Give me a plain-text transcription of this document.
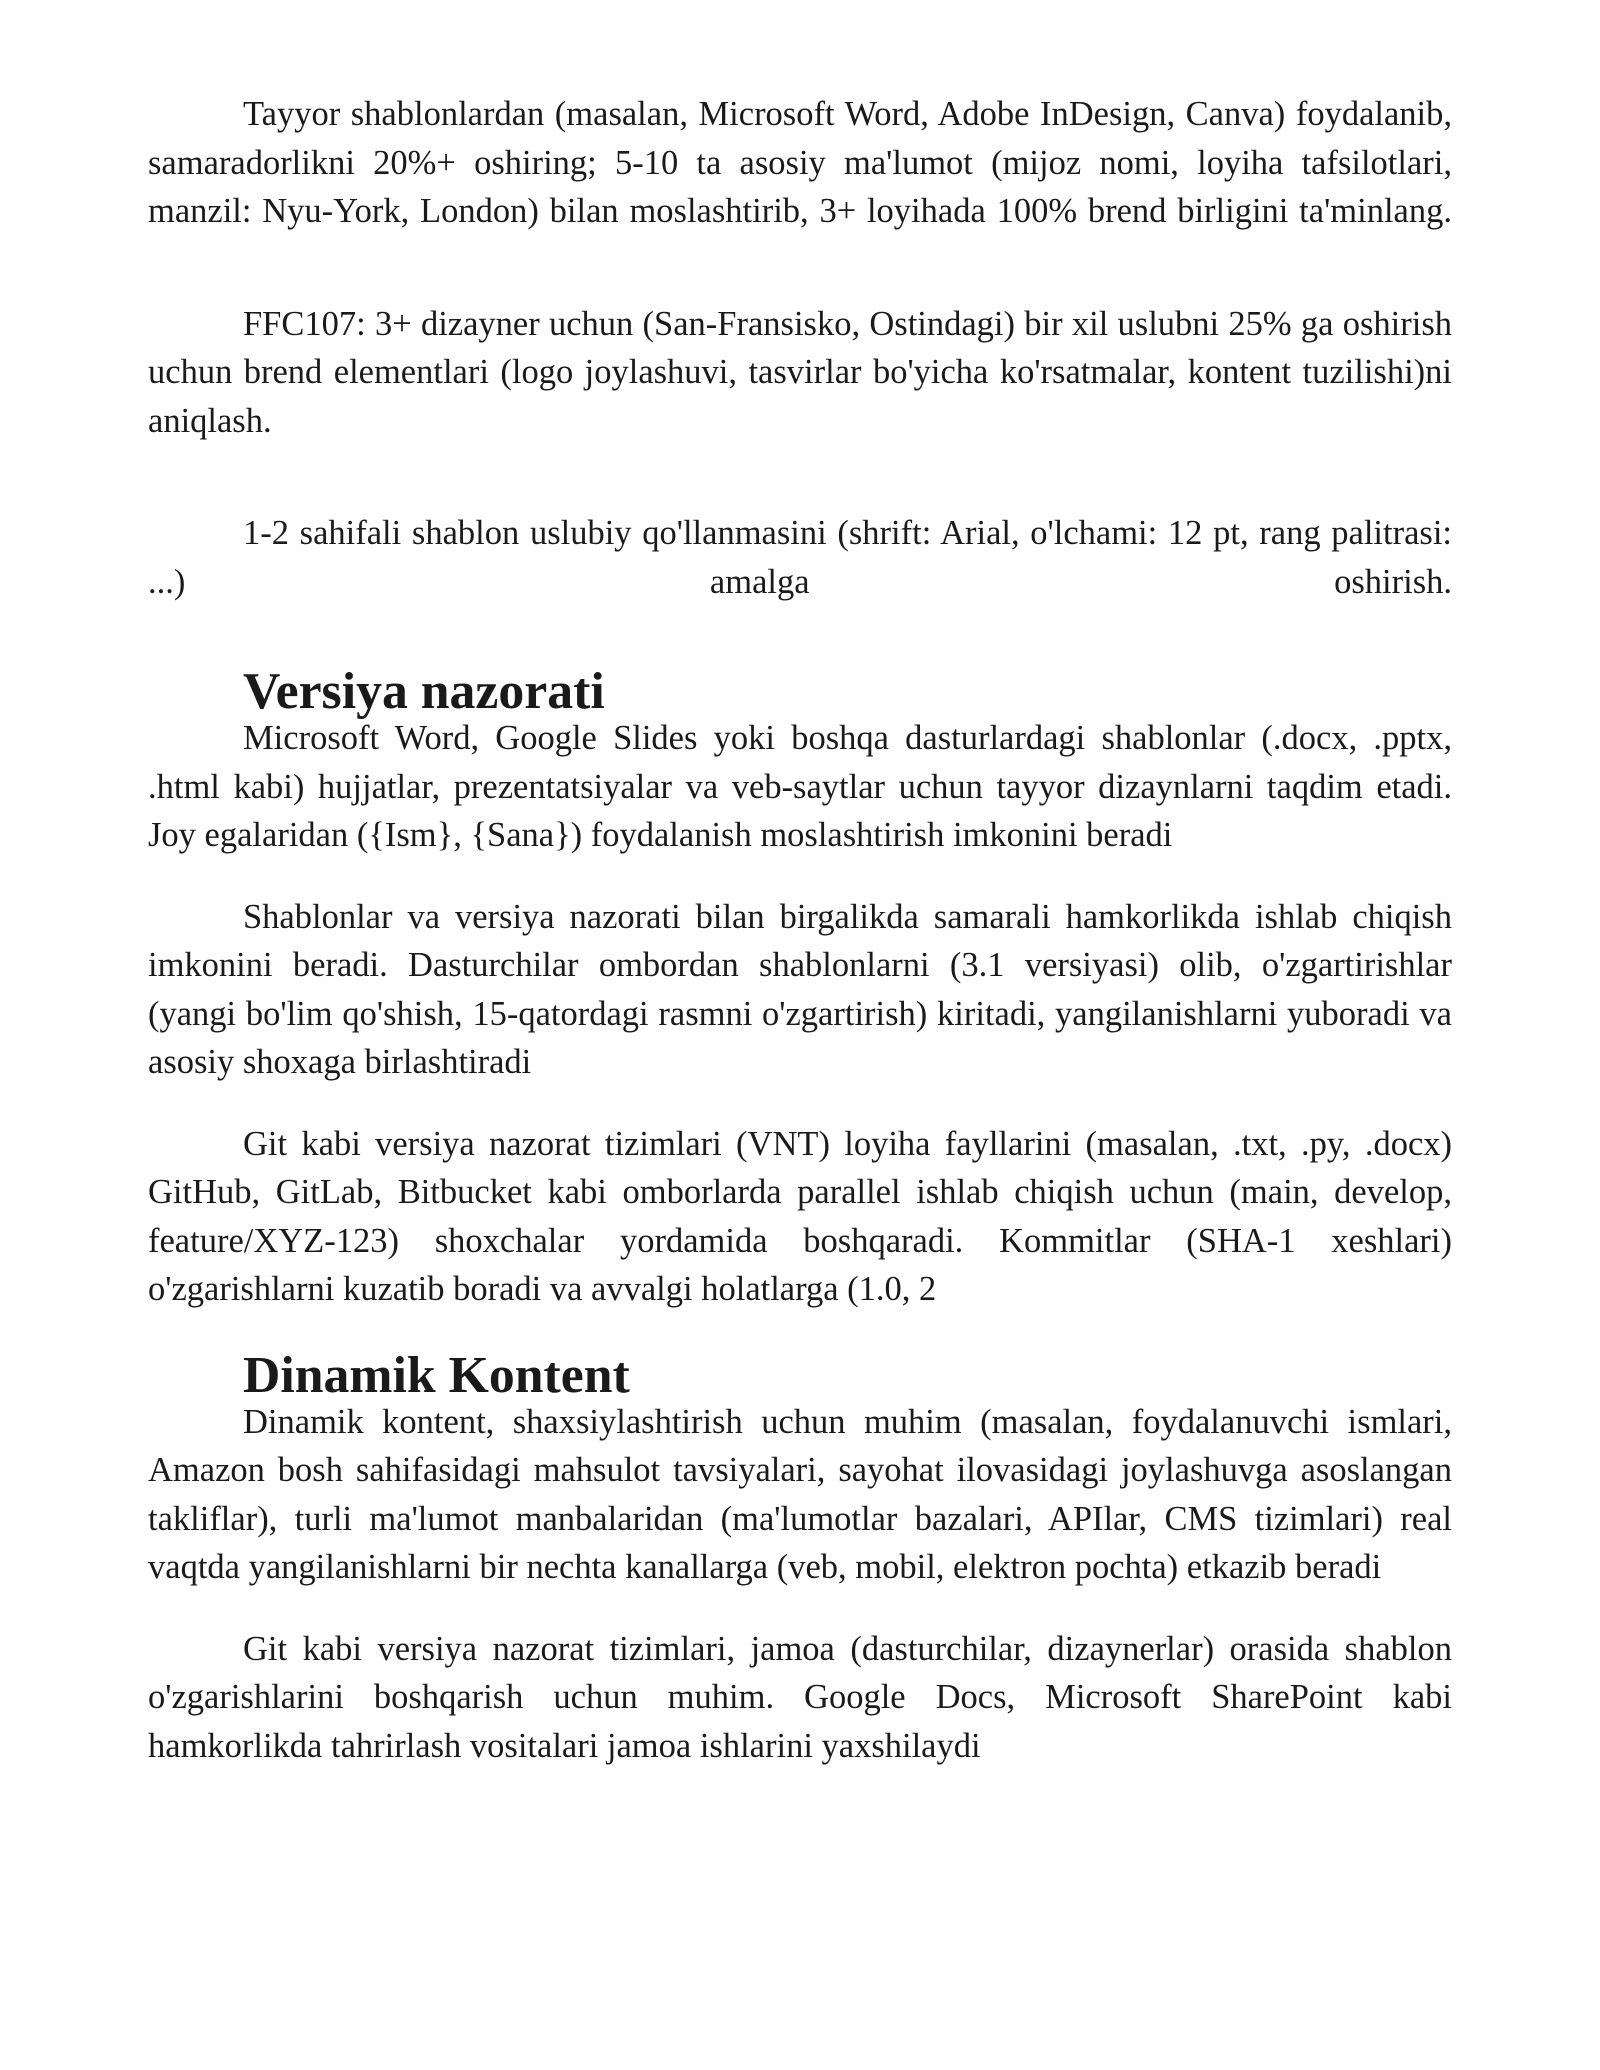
Tayyor shablonlardan (masalan, Microsoft Word, Adobe InDesign, Canva) foydalanib, samaradorlikni 20%+ oshiring; 5-10 ta asosiy ma'lumot (mijoz nomi, loyiha tafsilotlari, manzil: Nyu-York, London) bilan moslashtirib, 3+ loyihada 100% brend birligini ta'minlang.

FFC107: 3+ dizayner uchun (San-Fransisko, Ostindagi) bir xil uslubni 25% ga oshirish uchun brend elementlari (logo joylashuvi, tasvirlar bo'yicha ko'rsatmalar, kontent tuzilishi)ni aniqlash.

1-2 sahifali shablon uslubiy qo'llanmasini (shrift: Arial, o'lchami: 12 pt, rang palitrasi: ...) amalga oshirish.

Versiya nazorati

Microsoft Word, Google Slides yoki boshqa dasturlardagi shablonlar (.docx, .pptx, .html kabi) hujjatlar, prezentatsiyalar va veb-saytlar uchun tayyor dizaynlarni taqdim etadi. Joy egalaridan ({Ism}, {Sana}) foydalanish moslashtirish imkonini beradi

Shablonlar va versiya nazorati bilan birgalikda samarali hamkorlikda ishlab chiqish imkonini beradi. Dasturchilar ombordan shablonlarni (3.1 versiyasi) olib, o'zgartirishlar (yangi bo'lim qo'shish, 15-qatordagi rasmni o'zgartirish) kiritadi, yangilanishlarni yuboradi va asosiy shoxaga birlashtiradi

Git kabi versiya nazorat tizimlari (VNT) loyiha fayllarini (masalan, .txt, .py, .docx) GitHub, GitLab, Bitbucket kabi omborlarda parallel ishlab chiqish uchun (main, develop, feature/XYZ-123) shoxchalar yordamida boshqaradi. Kommitlar (SHA-1 xeshlari) o'zgarishlarni kuzatib boradi va avvalgi holatlarga (1.0, 2

Dinamik Kontent

Dinamik kontent, shaxsiylashtirish uchun muhim (masalan, foydalanuvchi ismlari, Amazon bosh sahifasidagi mahsulot tavsiyalari, sayohat ilovasidagi joylashuvga asoslangan takliflar), turli ma'lumot manbalaridan (ma'lumotlar bazalari, APIlar, CMS tizimlari) real vaqtda yangilanishlarni bir nechta kanallarga (veb, mobil, elektron pochta) etkazib beradi

Git kabi versiya nazorat tizimlari, jamoa (dasturchilar, dizaynerlar) orasida shablon o'zgarishlarini boshqarish uchun muhim. Google Docs, Microsoft SharePoint kabi hamkorlikda tahrirlash vositalari jamoa ishlarini yaxshilaydi
